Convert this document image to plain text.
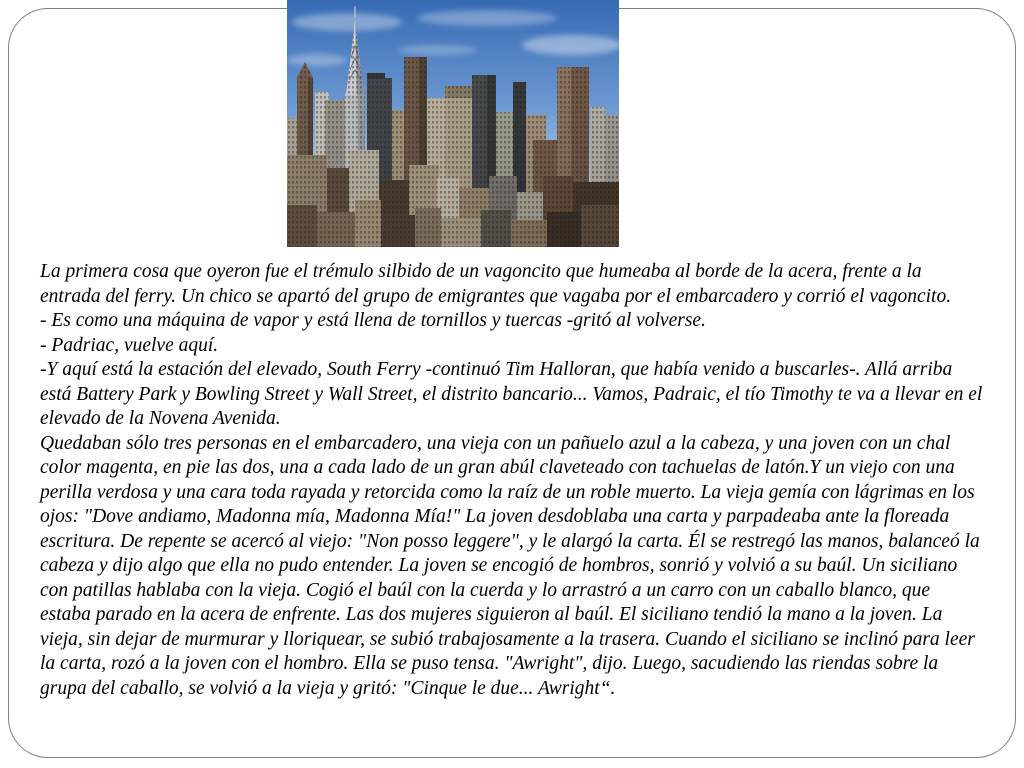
La primera cosa que oyeron fue el trémulo silbido de un vagoncito que humeaba al borde de la acera, frente a la
entrada del ferry. Un chico se apartó del grupo de emigrantes que vagaba por el embarcadero y corrió el vagoncito.
- Es como una máquina de vapor y está llena de tornillos y tuercas -gritó al volverse.
- Padriac, vuelve aquí.
-Y aquí está la estación del elevado, South Ferry -continuó Tim Halloran, que había venido a buscarles-. Allá arriba
está Battery Park y Bowling Street y Wall Street, el distrito bancario... Vamos, Padraic, el tío Timothy te va a llevar en el
elevado de la Novena Avenida.
Quedaban sólo tres personas en el embarcadero, una vieja con un pañuelo azul a la cabeza, y una joven con un chal
color magenta, en pie las dos, una a cada lado de un gran abúl claveteado con tachuelas de latón.Y un viejo con una
perilla verdosa y una cara toda rayada y retorcida como la raíz de un roble muerto. La vieja gemía con lágrimas en los
ojos: "Dove andiamo, Madonna mía, Madonna Mía!" La joven desdoblaba una carta y parpadeaba ante la floreada
escritura. De repente se acercó al viejo: "Non posso leggere", y le alargó la carta. Él se restregó las manos, balanceó la
cabeza y dijo algo que ella no pudo entender. La joven se encogió de hombros, sonrió y volvió a su baúl. Un siciliano
con patillas hablaba con la vieja. Cogió el baúl con la cuerda y lo arrastró a un carro con un caballo blanco, que
estaba parado en la acera de enfrente. Las dos mujeres siguieron al baúl. El siciliano tendió la mano a la joven. La
vieja, sin dejar de murmurar y lloriquear, se subió trabajosamente a la trasera. Cuando el siciliano se inclinó para leer
la carta, rozó a la joven con el hombro. Ella se puso tensa. "Awright", dijo. Luego, sacudiendo las riendas sobre la
grupa del caballo, se volvió a la vieja y gritó: "Cinque le due... Awright“.
